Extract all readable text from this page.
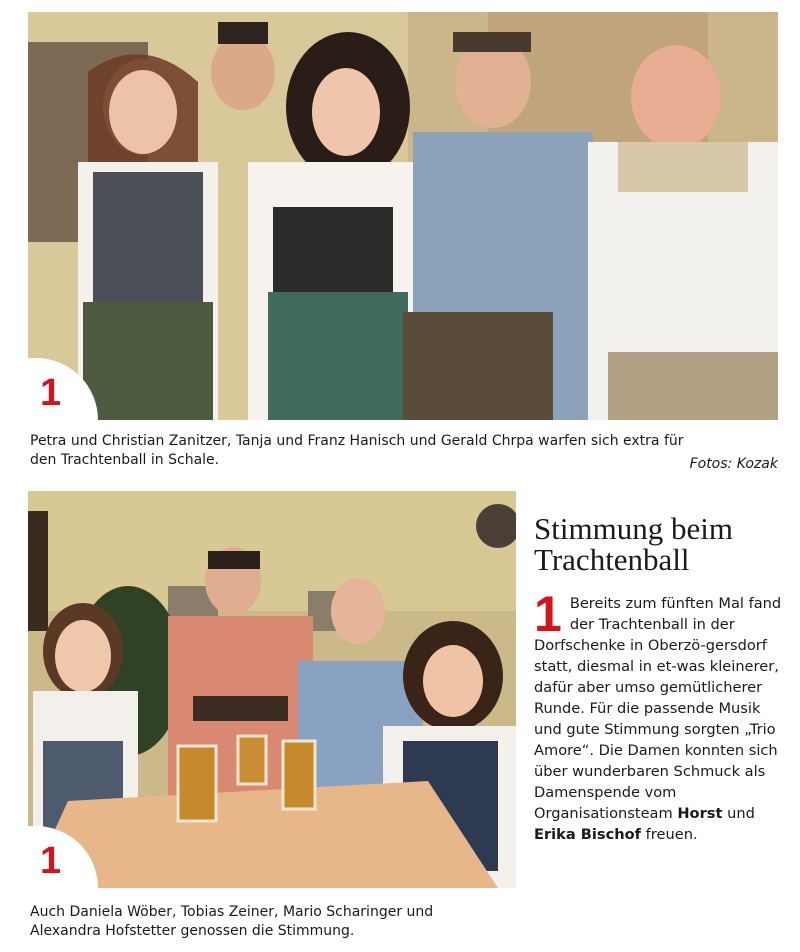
1
Petra und Christian Zanitzer, Tanja und Franz Hanisch und Gerald Chrpa warfen sich extra für
den Trachtenball in Schale.	Fotos: Kozak
1
Auch Daniela Wöber, Tobias Zeiner, Mario Scharinger und
Alexandra Hofstetter genossen die Stimmung.
Stimmung beim
Trachtenball
1 Bereits zum fünften Mal fand der Trachtenball in der Dorfschenke in Oberzö-gersdorf statt, diesmal in et-was kleinerer, dafür aber umso gemütlicherer Runde. Für die passende Musik und gute Stimmung sorgten „Trio Amore“. Die Damen konnten sich über wunderbaren Schmuck als Damenspende vom Organisationsteam Horst und Erika Bischof freuen.
